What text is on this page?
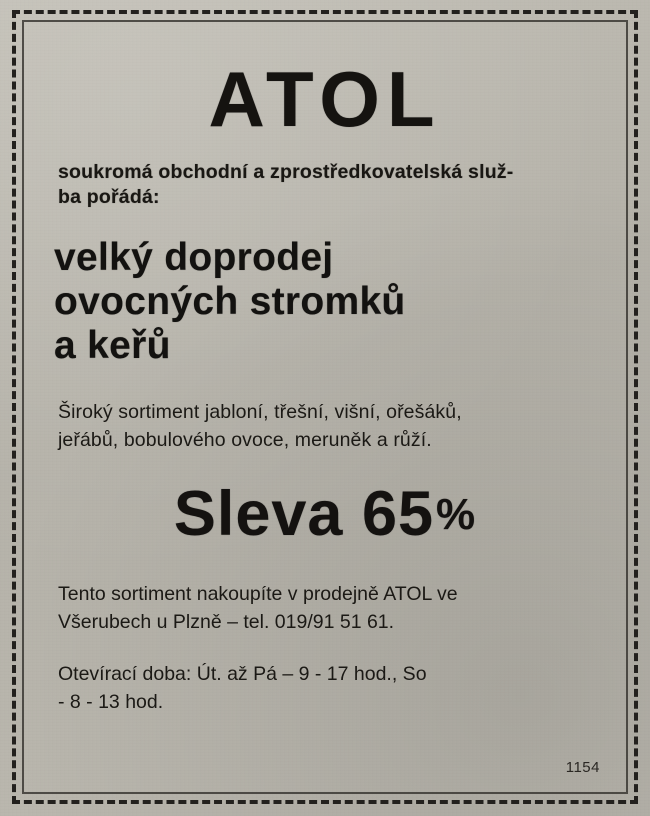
ATOL
soukromá obchodní a zprostředkovatelská služ-
ba pořádá:
velký doprodej
ovocných stromků
a keřů
Široký sortiment jabloní, třešní, višní, ořešáků,
jeřábů, bobulového ovoce, meruněk a růží.
Sleva 65%
Tento sortiment nakoupíte v prodejně ATOL ve
Všerubech u Plzně – tel. 019/91 51 61.
Otevírací doba: Út. až Pá – 9 - 17 hod., So
- 8 - 13 hod.
1154
